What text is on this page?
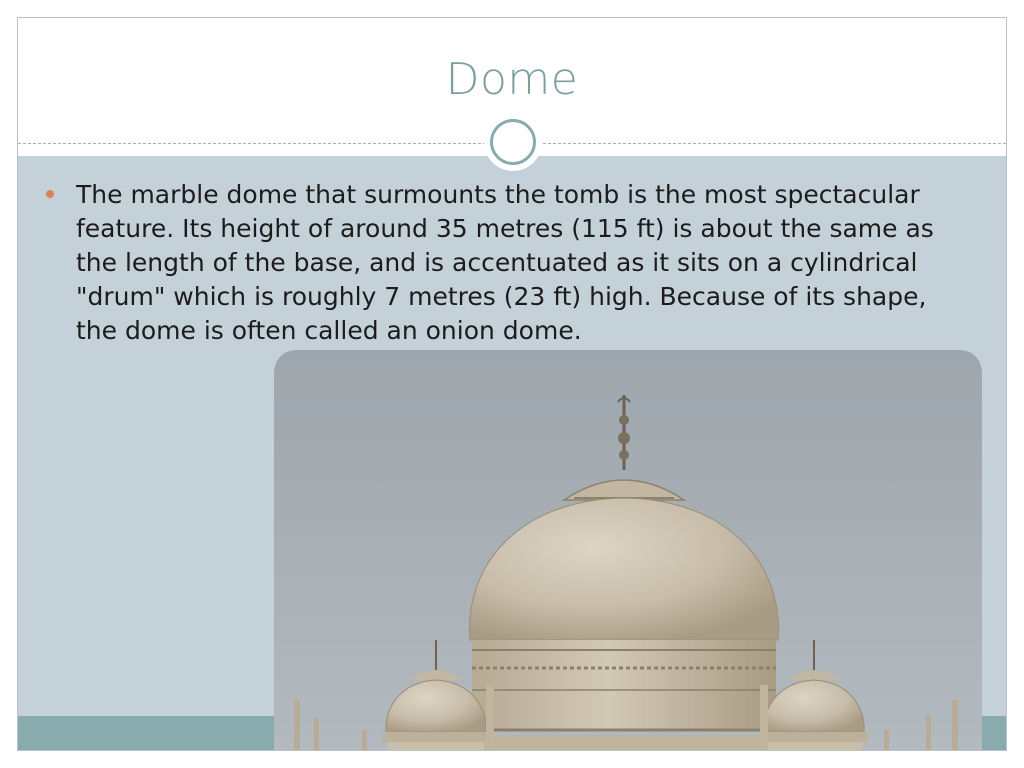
Dome
The marble dome that surmounts the tomb is the most spectacular feature. Its height of around 35 metres (115 ft) is about the same as the length of the base, and is accentuated as it sits on a cylindrical "drum" which is roughly 7 metres (23 ft) high. Because of its shape, the dome is often called an onion dome.
